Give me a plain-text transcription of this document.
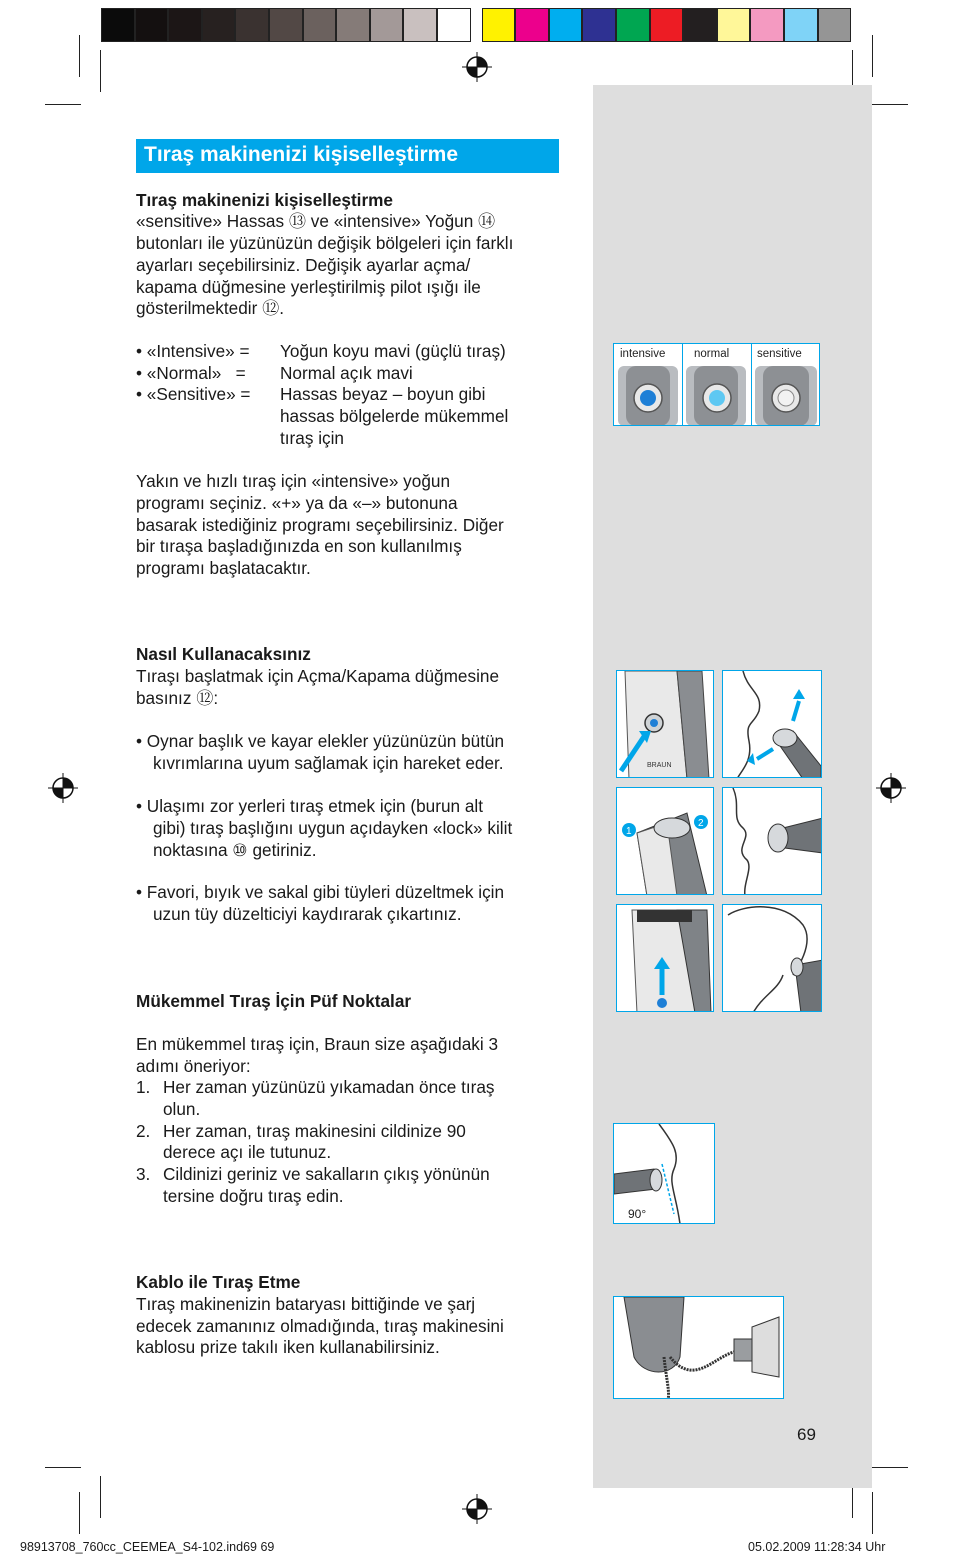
Tıraş makinenizi kişiselleştirme
Tıraş makinenizi kişiselleştirme
«sensitive» Hassas ⑬ ve «intensive» Yoğun ⑭
butonları ile yüzünüzün değişik bölgeleri için farklı
ayarları seçebilirsiniz. Değişik ayarlar açma/
kapama düğmesine yerleştirilmiş pilot ışığı ile
gösterilmektedir ⑫.
• «Intensive» = Yoğun koyu mavi (güçlü tıraş)
• «Normal»   = Normal açık mavi
• «Sensitive» = Hassas beyaz – boyun gibi
hassas bölgelerde mükemmel
tıraş için
Yakın ve hızlı tıraş için «intensive» yoğun
programı seçiniz. «+» ya da «–» butonuna
basarak istediğiniz programı seçebilirsiniz. Diğer
bir tıraşa başladığınızda en son kullanılmış
programı başlatacaktır.
Nasıl Kullanacaksınız
Tıraşı başlatmak için Açma/Kapama düğmesine
basınız ⑫:
• Oynar başlık ve kayar elekler yüzünüzün bütün
kıvrımlarına uyum sağlamak için hareket eder.
• Ulaşımı zor yerleri tıraş etmek için (burun alt
gibi) tıraş başlığını uygun açıdayken «lock» kilit
noktasına ⑩ getiriniz.
• Favori, bıyık ve sakal gibi tüyleri düzeltmek için
uzun tüy düzelticiyi kaydırarak çıkartınız.
Mükemmel Tıraş İçin Püf Noktalar
En mükemmel tıraş için, Braun size aşağıdaki 3
adımı öneriyor:
1. Her zaman yüzünüzü yıkamadan önce tıraş
olun.
2. Her zaman, tıraş makinesini cildinize 90
derece açı ile tutunuz.
3. Cildinizi geriniz ve sakalların çıkış yönünün
tersine doğru tıraş edin.
Kablo ile Tıraş Etme
Tıraş makinenizin bataryası bittiğinde ve şarj
edecek zamanınız olmadığında, tıraş makinesini
kablosu prize takılı iken kullanabilirsiniz.
intensive normal sensitive
BRAUN
1
2
90°
69
98913708_760cc_CEEMEA_S4-102.ind69 69	05.02.2009 11:28:34 Uhr
